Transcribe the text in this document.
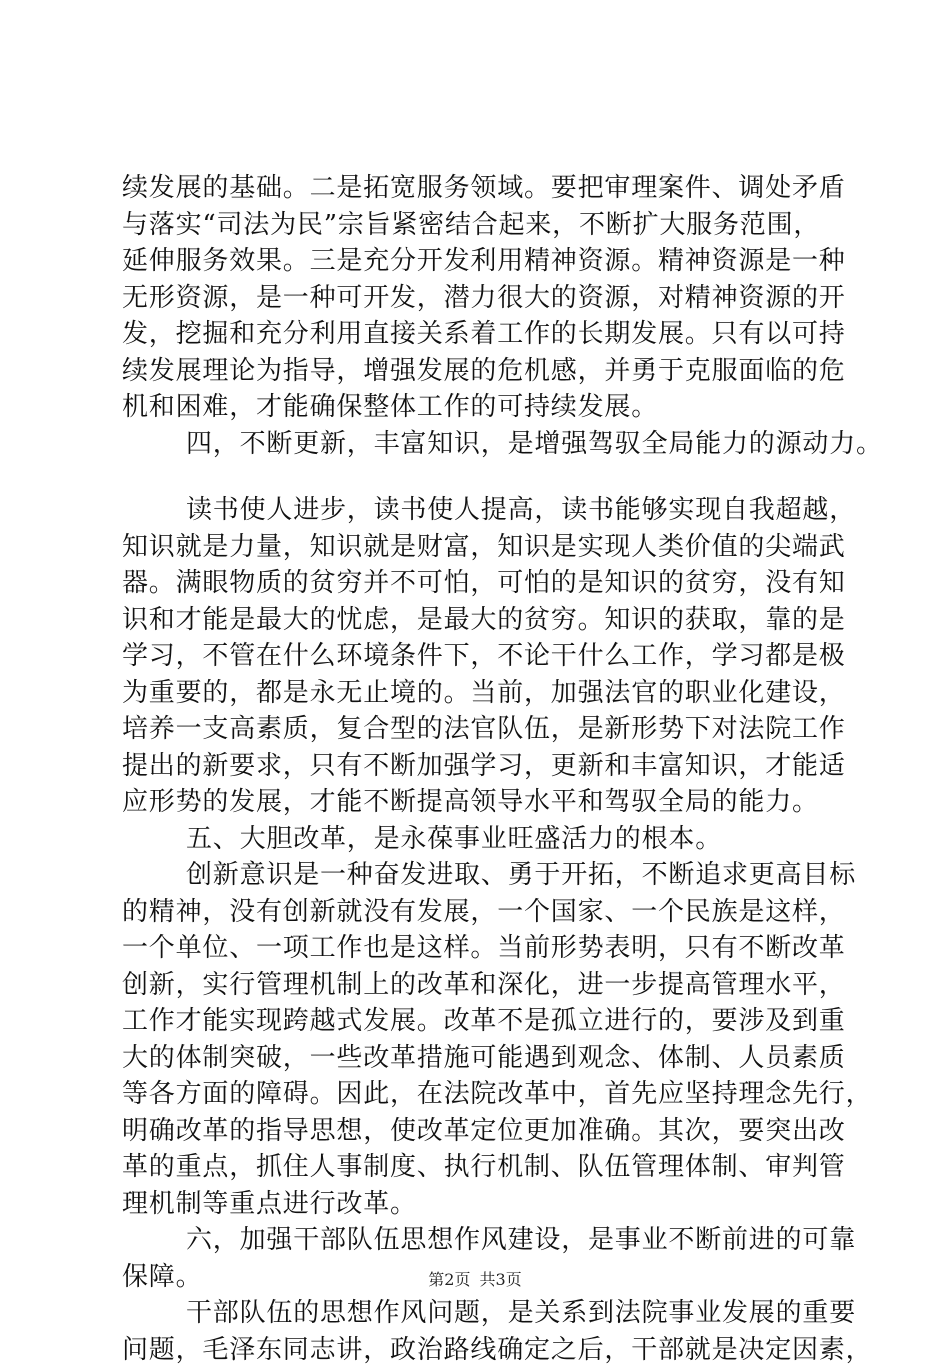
续发展的基础。二是拓宽服务领域。要把审理案件、调处矛盾
与落实“司法为民”宗旨紧密结合起来，不断扩大服务范围，
延伸服务效果。三是充分开发利用精神资源。精神资源是一种
无形资源，是一种可开发，潜力很大的资源，对精神资源的开
发，挖掘和充分利用直接关系着工作的长期发展。只有以可持
续发展理论为指导，增强发展的危机感，并勇于克服面临的危
机和困难，才能确保整体工作的可持续发展。
四，不断更新，丰富知识，是增强驾驭全局能力的源动力。
读书使人进步，读书使人提高，读书能够实现自我超越，
知识就是力量，知识就是财富，知识是实现人类价值的尖端武
器。满眼物质的贫穷并不可怕，可怕的是知识的贫穷，没有知
识和才能是最大的忧虑，是最大的贫穷。知识的获取，靠的是
学习，不管在什么环境条件下，不论干什么工作，学习都是极
为重要的，都是永无止境的。当前，加强法官的职业化建设，
培养一支高素质，复合型的法官队伍，是新形势下对法院工作
提出的新要求，只有不断加强学习，更新和丰富知识，才能适
应形势的发展，才能不断提高领导水平和驾驭全局的能力。
五、大胆改革，是永葆事业旺盛活力的根本。
创新意识是一种奋发进取、勇于开拓，不断追求更高目标
的精神，没有创新就没有发展，一个国家、一个民族是这样，
一个单位、一项工作也是这样。当前形势表明，只有不断改革
创新，实行管理机制上的改革和深化，进一步提高管理水平，
工作才能实现跨越式发展。改革不是孤立进行的，要涉及到重
大的体制突破，一些改革措施可能遇到观念、体制、人员素质
等各方面的障碍。因此，在法院改革中，首先应坚持理念先行，
明确改革的指导思想，使改革定位更加准确。其次，要突出改
革的重点，抓住人事制度、执行机制、队伍管理体制、审判管
理机制等重点进行改革。
六，加强干部队伍思想作风建设，是事业不断前进的可靠
保障。
干部队伍的思想作风问题，是关系到法院事业发展的重要
问题，毛泽东同志讲，政治路线确定之后，干部就是决定因素，
第2页 共3页
